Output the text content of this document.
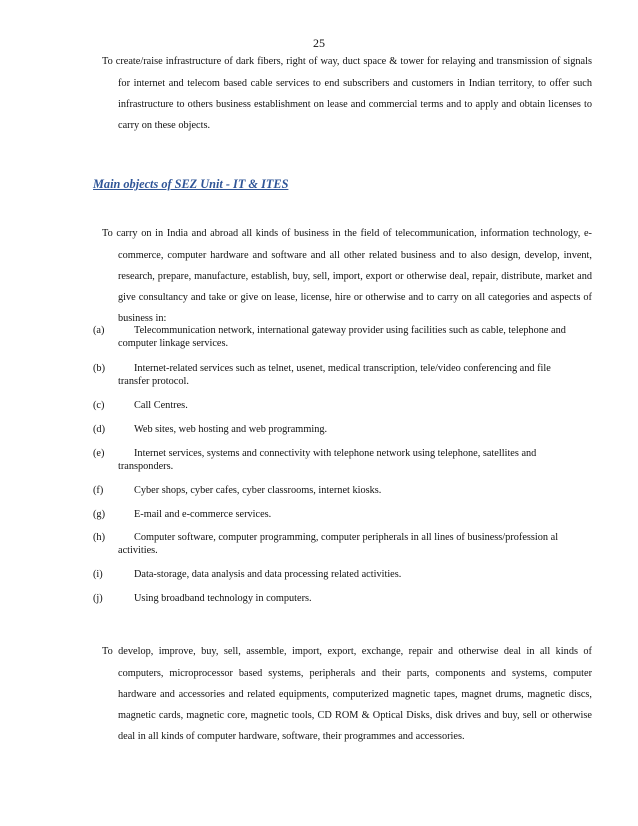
25

To create/raise infrastructure of dark fibers, right of way, duct space & tower for relaying and transmission of signals for internet and telecom based cable services to end subscribers and customers in Indian territory, to offer such infrastructure to others business establishment on lease and commercial terms and to apply and obtain licenses to carry on these objects.

Main objects of SEZ Unit - IT & ITES

To carry on in India and abroad all kinds of business in the field of telecommunication, information technology, e-commerce, computer hardware and software and all other related business and to also design, develop, invent, research, prepare, manufacture, establish, buy, sell, import, export or otherwise deal, repair, distribute, market and give consultancy and take or give on lease, license, hire or otherwise and to carry on all categories and aspects of business in:

(a)	Telecommunication network, international gateway provider using facilities such as cable, telephone and computer linkage services.
(b)	Internet-related services such as telnet, usenet, medical transcription, tele/video conferencing and file transfer protocol.
(c)	Call Centres.
(d)	Web sites, web hosting and web programming.
(e)	Internet services, systems and connectivity with telephone network using telephone, satellites and transponders.
(f)	Cyber shops, cyber cafes, cyber classrooms, internet kiosks.
(g)	E-mail and e-commerce services.
(h)	Computer software, computer programming, computer peripherals in all lines of business/profession al activities.
(i)	Data-storage, data analysis and data processing related activities.
(j)	Using broadband technology in computers.

To develop, improve, buy, sell, assemble, import, export, exchange, repair and otherwise deal in all kinds of computers, microprocessor based systems, peripherals and their parts, components and systems, computer hardware and accessories and related equipments, computerized magnetic tapes, magnet drums, magnetic discs, magnetic cards, magnetic core, magnetic tools, CD ROM & Optical Disks, disk drives and buy, sell or otherwise deal in all kinds of computer hardware, software, their programmes and accessories.
